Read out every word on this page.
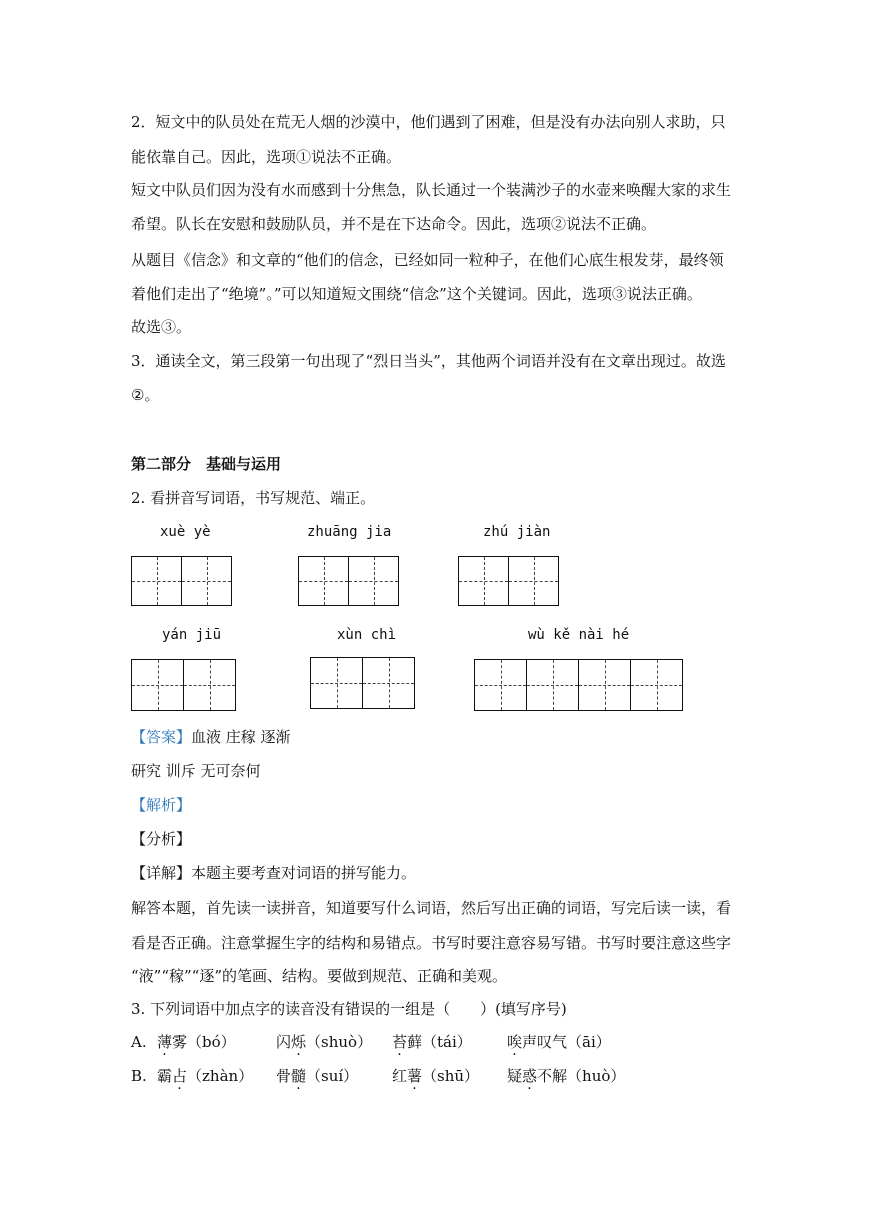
2．短文中的队员处在荒无人烟的沙漠中，他们遇到了困难，但是没有办法向别人求助，只
能依靠自己。因此，选项①说法不正确。
短文中队员们因为没有水而感到十分焦急，队长通过一个装满沙子的水壶来唤醒大家的求生
希望。队长在安慰和鼓励队员，并不是在下达命令。因此，选项②说法不正确。
从题目《信念》和文章的“他们的信念，已经如同一粒种子，在他们心底生根发芽，最终领
着他们走出了“绝境”。”可以知道短文围绕“信念”这个关键词。因此，选项③说法正确。
故选③。
3．通读全文，第三段第一句出现了“烈日当头”，其他两个词语并没有在文章出现过。故选
②。
第二部分　基础与运用
2. 看拼音写词语，书写规范、端正。
xuè yè	zhuāng jia	zhú jiàn
yán jiū	xùn chì	wù kě nài hé
【答案】血液 庄稼 逐渐
研究 训斥 无可奈何
【解析】
【分析】
【详解】本题主要考查对词语的拼写能力。
解答本题，首先读一读拼音，知道要写什么词语，然后写出正确的词语，写完后读一读，看
看是否正确。注意掌握生字的结构和易错点。书写时要注意容易写错。书写时要注意这些字
“液”“稼”“逐”的笔画、结构。要做到规范、正确和美观。
3. 下列词语中加点字的读音没有错误的一组是（　　）(填写序号)
A. 薄雾（bó）	闪烁（shuò） 苔藓（tái） 唉声叹气（āi）
B. 霸占（zhàn） 骨髓（suí） 红薯（shū） 疑惑不解（huò）
